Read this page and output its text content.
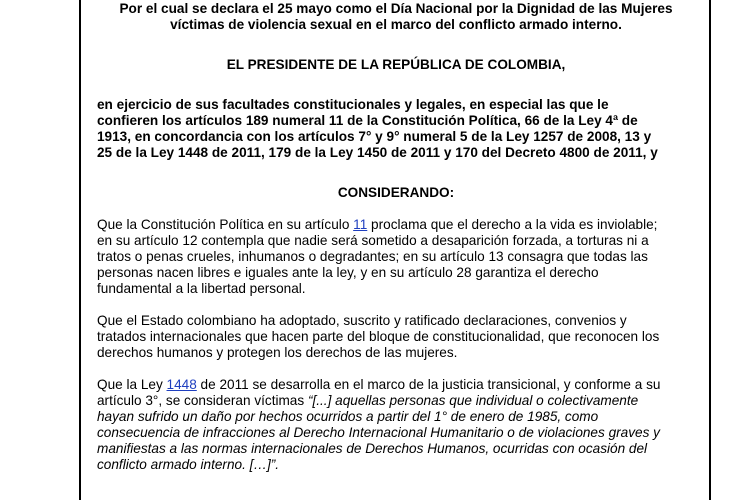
Por el cual se declara el 25 mayo como el Día Nacional por la Dignidad de las Mujeres
víctimas de violencia sexual en el marco del conflicto armado interno.
EL PRESIDENTE DE LA REPÚBLICA DE COLOMBIA,
en ejercicio de sus facultades constitucionales y legales, en especial las que le
confieren los artículos 189 numeral 11 de la Constitución Política, 66 de la Ley 4ª de
1913, en concordancia con los artículos 7° y 9° numeral 5 de la Ley 1257 de 2008, 13 y
25 de la Ley 1448 de 2011, 179 de la Ley 1450 de 2011 y 170 del Decreto 4800 de 2011, y
CONSIDERANDO:
Que la Constitución Política en su artículo 11 proclama que el derecho a la vida es inviolable;
en su artículo 12 contempla que nadie será sometido a desaparición forzada, a torturas ni a
tratos o penas crueles, inhumanos o degradantes; en su artículo 13 consagra que todas las
personas nacen libres e iguales ante la ley, y en su artículo 28 garantiza el derecho
fundamental a la libertad personal.
Que el Estado colombiano ha adoptado, suscrito y ratificado declaraciones, convenios y
tratados internacionales que hacen parte del bloque de constitucionalidad, que reconocen los
derechos humanos y protegen los derechos de las mujeres.
Que la Ley 1448 de 2011 se desarrolla en el marco de la justicia transicional, y conforme a su
artículo 3°, se consideran víctimas “[...] aquellas personas que individual o colectivamente
hayan sufrido un daño por hechos ocurridos a partir del 1° de enero de 1985, como
consecuencia de infracciones al Derecho Internacional Humanitario o de violaciones graves y
manifiestas a las normas internacionales de Derechos Humanos, ocurridas con ocasión del
conflicto armado interno. […]”.
